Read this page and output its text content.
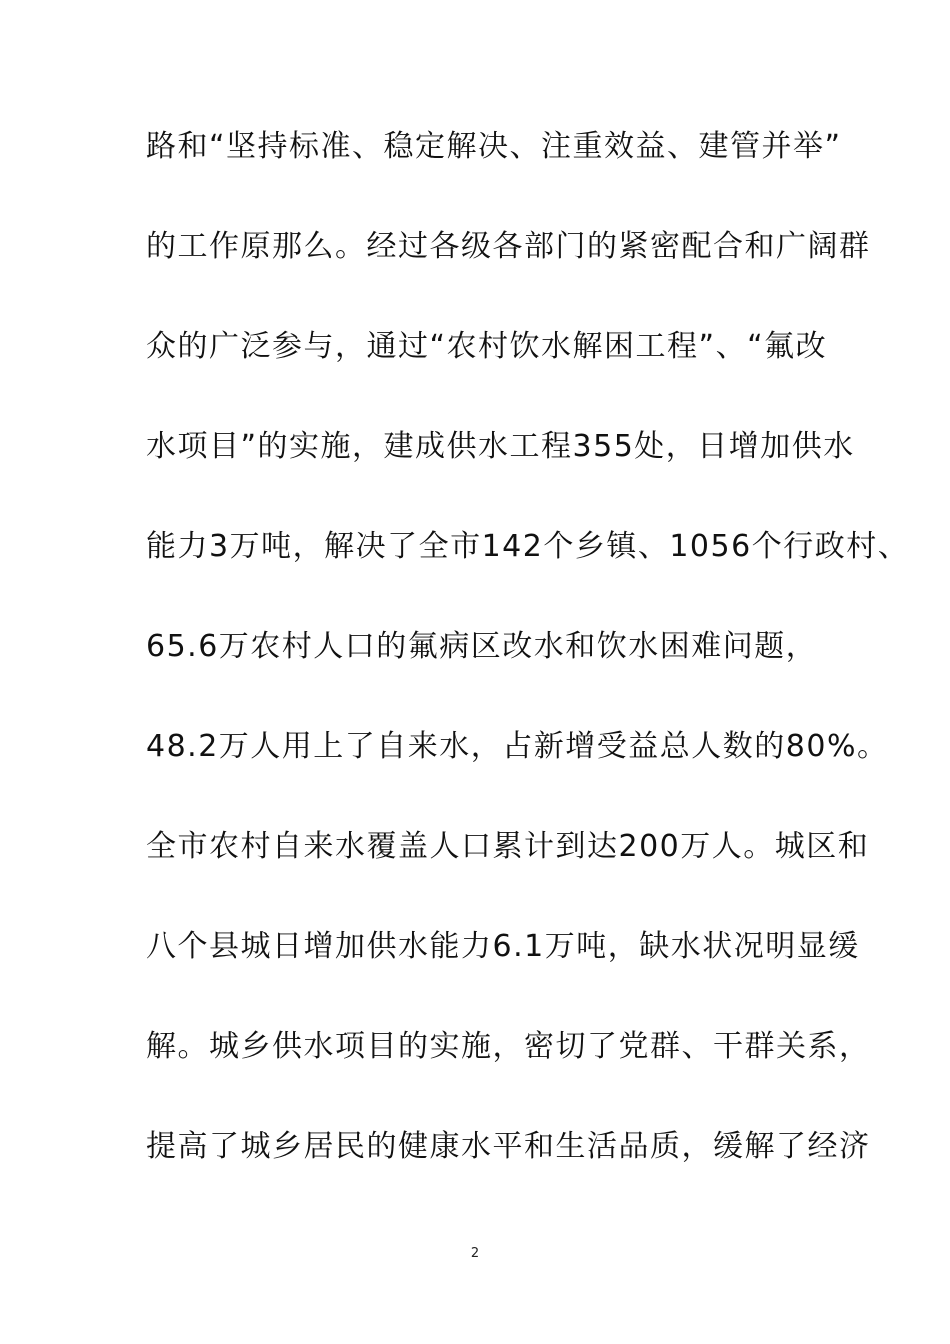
路和“坚持标准、稳定解决、注重效益、建管并举”
的工作原那么。经过各级各部门的紧密配合和广阔群
众的广泛参与，通过“农村饮水解困工程”、“氟改
水项目”的实施，建成供水工程355处，日增加供水
能力3万吨，解决了全市142个乡镇、1056个行政村、
65.6万农村人口的氟病区改水和饮水困难问题，
48.2万人用上了自来水，占新增受益总人数的80%。
全市农村自来水覆盖人口累计到达200万人。城区和
八个县城日增加供水能力6.1万吨，缺水状况明显缓
解。城乡供水项目的实施，密切了党群、干群关系，
提高了城乡居民的健康水平和生活品质，缓解了经济
2
